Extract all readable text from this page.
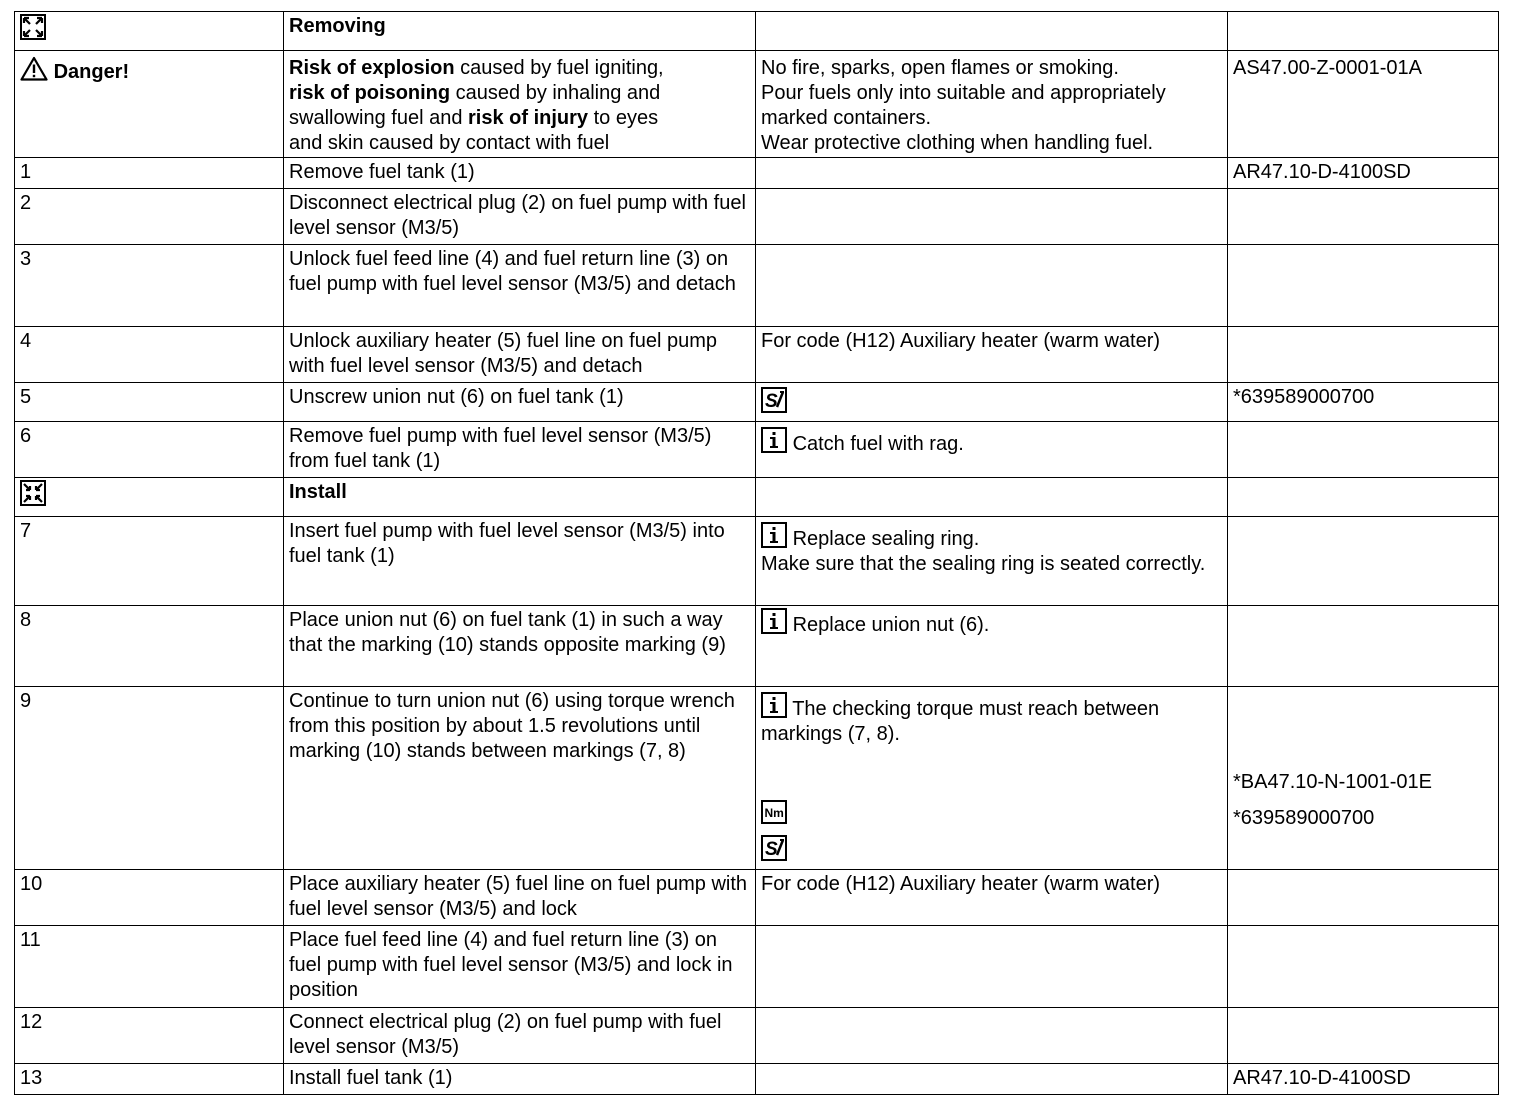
	Removing		
Danger!	Risk of explosion caused by fuel igniting,
risk of poisoning caused by inhaling and
swallowing fuel and risk of injury to eyes
and skin caused by contact with fuel	No fire, sparks, open flames or smoking.
Pour fuels only into suitable and appropriately marked containers.
Wear protective clothing when handling fuel.	AS47.00-Z-0001-01A
1	Remove fuel tank (1)		AR47.10-D-4100SD
2	Disconnect electrical plug (2) on fuel pump with fuel level sensor (M3/5)		
3	Unlock fuel feed line (4) and fuel return line (3) on fuel pump with fuel level sensor (M3/5) and detach		
4	Unlock auxiliary heater (5) fuel line on fuel pump with fuel level sensor (M3/5) and detach	For code (H12) Auxiliary heater (warm water)	
5	Unscrew union nut (6) on fuel tank (1)		*639589000700
6	Remove fuel pump with fuel level sensor (M3/5) from fuel tank (1)	Catch fuel with rag.	
	Install		
7	Insert fuel pump with fuel level sensor (M3/5) into fuel tank (1)	Replace sealing ring.
Make sure that the sealing ring is seated correctly.	
8	Place union nut (6) on fuel tank (1) in such a way that the marking (10) stands opposite marking (9)	Replace union nut (6).	
9	Continue to turn union nut (6) using torque wrench from this position by about 1.5 revolutions until marking (10) stands between markings (7, 8)	The checking torque must reach between markings (7, 8).	*BA47.10-N-1001-01E
*639589000700

10	Place auxiliary heater (5) fuel line on fuel pump with fuel level sensor (M3/5) and lock	For code (H12) Auxiliary heater (warm water)	
11	Place fuel feed line (4) and fuel return line (3) on fuel pump with fuel level sensor (M3/5) and lock in position		
12	Connect electrical plug (2) on fuel pump with fuel level sensor (M3/5)		
13	Install fuel tank (1)		AR47.10-D-4100SD
